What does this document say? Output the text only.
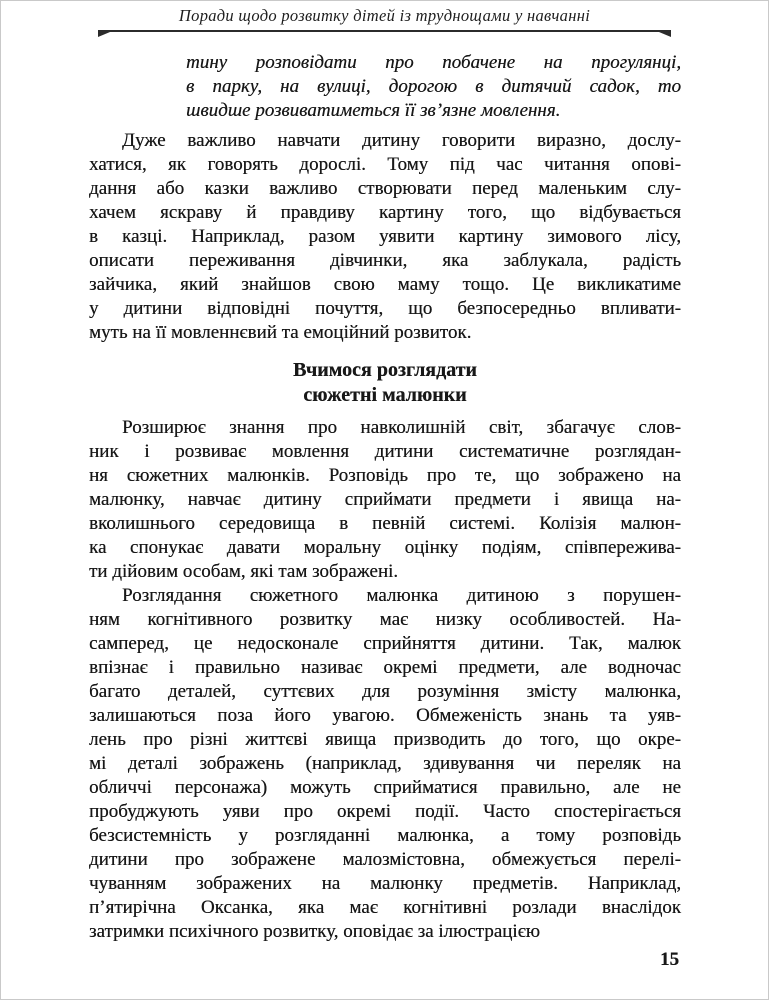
Поради щодо розвитку дітей із труднощами у навчанні
тину розповідати про побачене на прогулянці,
в парку, на вулиці, дорогою в дитячий садок, то
швидше розвиватиметься її зв’язне мовлення.
Дуже важливо навчати дитину говорити виразно, дослу-
хатися, як говорять дорослі. Тому під час читання опові-
дання або казки важливо створювати перед маленьким слу-
хачем яскраву й правдиву картину того, що відбувається
в казці. Наприклад, разом уявити картину зимового лісу,
описати переживання дівчинки, яка заблукала, радість
зайчика, який знайшов свою маму тощо. Це викликатиме
у дитини відповідні почуття, що безпосередньо впливати-
муть на її мовленнєвий та емоційний розвиток.
Вчимося розглядати
сюжетні малюнки
Розширює знання про навколишній світ, збагачує слов-
ник і розвиває мовлення дитини систематичне розглядан-
ня сюжетних малюнків. Розповідь про те, що зображено на
малюнку, навчає дитину сприймати предмети і явища на-
вколишнього середовища в певній системі. Колізія малюн-
ка спонукає давати моральну оцінку подіям, співпережива-
ти дійовим особам, які там зображені.
Розглядання сюжетного малюнка дитиною з порушен-
ням когнітивного розвитку має низку особливостей. На-
самперед, це недосконале сприйняття дитини. Так, малюк
впізнає і правильно називає окремі предмети, але водночас
багато деталей, суттєвих для розуміння змісту малюнка,
залишаються поза його увагою. Обмеженість знань та уяв-
лень про різні життєві явища призводить до того, що окре-
мі деталі зображень (наприклад, здивування чи переляк на
обличчі персонажа) можуть сприйматися правильно, але не
пробуджують уяви про окремі події. Часто спостерігається
безсистемність у розгляданні малюнка, а тому розповідь
дитини про зображене малозмістовна, обмежується перелі-
чуванням зображених на малюнку предметів. Наприклад,
п’ятирічна Оксанка, яка має когнітивні розлади внаслідок
затримки психічного розвитку, оповідає за ілюстрацією
15
